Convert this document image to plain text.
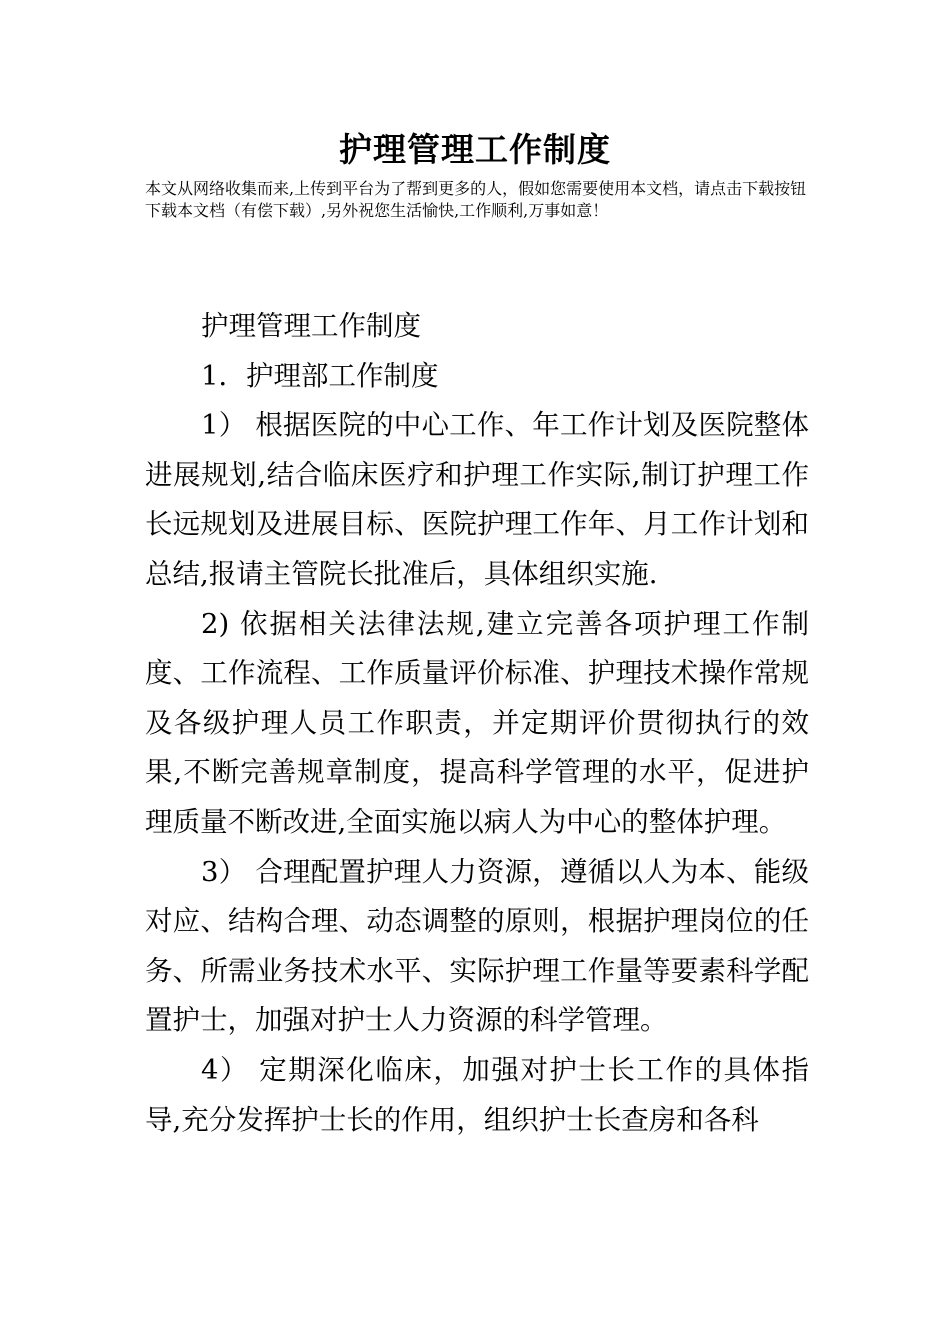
护理管理工作制度

本文从网络收集而来,上传到平台为了帮到更多的人，假如您需要使用本文档，请点击下载按钮下载本文档（有偿下载）,另外祝您生活愉快,工作顺利,万事如意！

护理管理工作制度

1．护理部工作制度

1） 根据医院的中心工作、年工作计划及医院整体进展规划,结合临床医疗和护理工作实际,制订护理工作长远规划及进展目标、医院护理工作年、月工作计划和总结,报请主管院长批准后，具体组织实施.

2) 依据相关法律法规,建立完善各项护理工作制度、工作流程、工作质量评价标准、护理技术操作常规及各级护理人员工作职责，并定期评价贯彻执行的效果,不断完善规章制度，提高科学管理的水平，促进护理质量不断改进,全面实施以病人为中心的整体护理。

3） 合理配置护理人力资源，遵循以人为本、能级对应、结构合理、动态调整的原则，根据护理岗位的任务、所需业务技术水平、实际护理工作量等要素科学配置护士，加强对护士人力资源的科学管理。

4） 定期深化临床，加强对护士长工作的具体指导,充分发挥护士长的作用，组织护士长查房和各科
